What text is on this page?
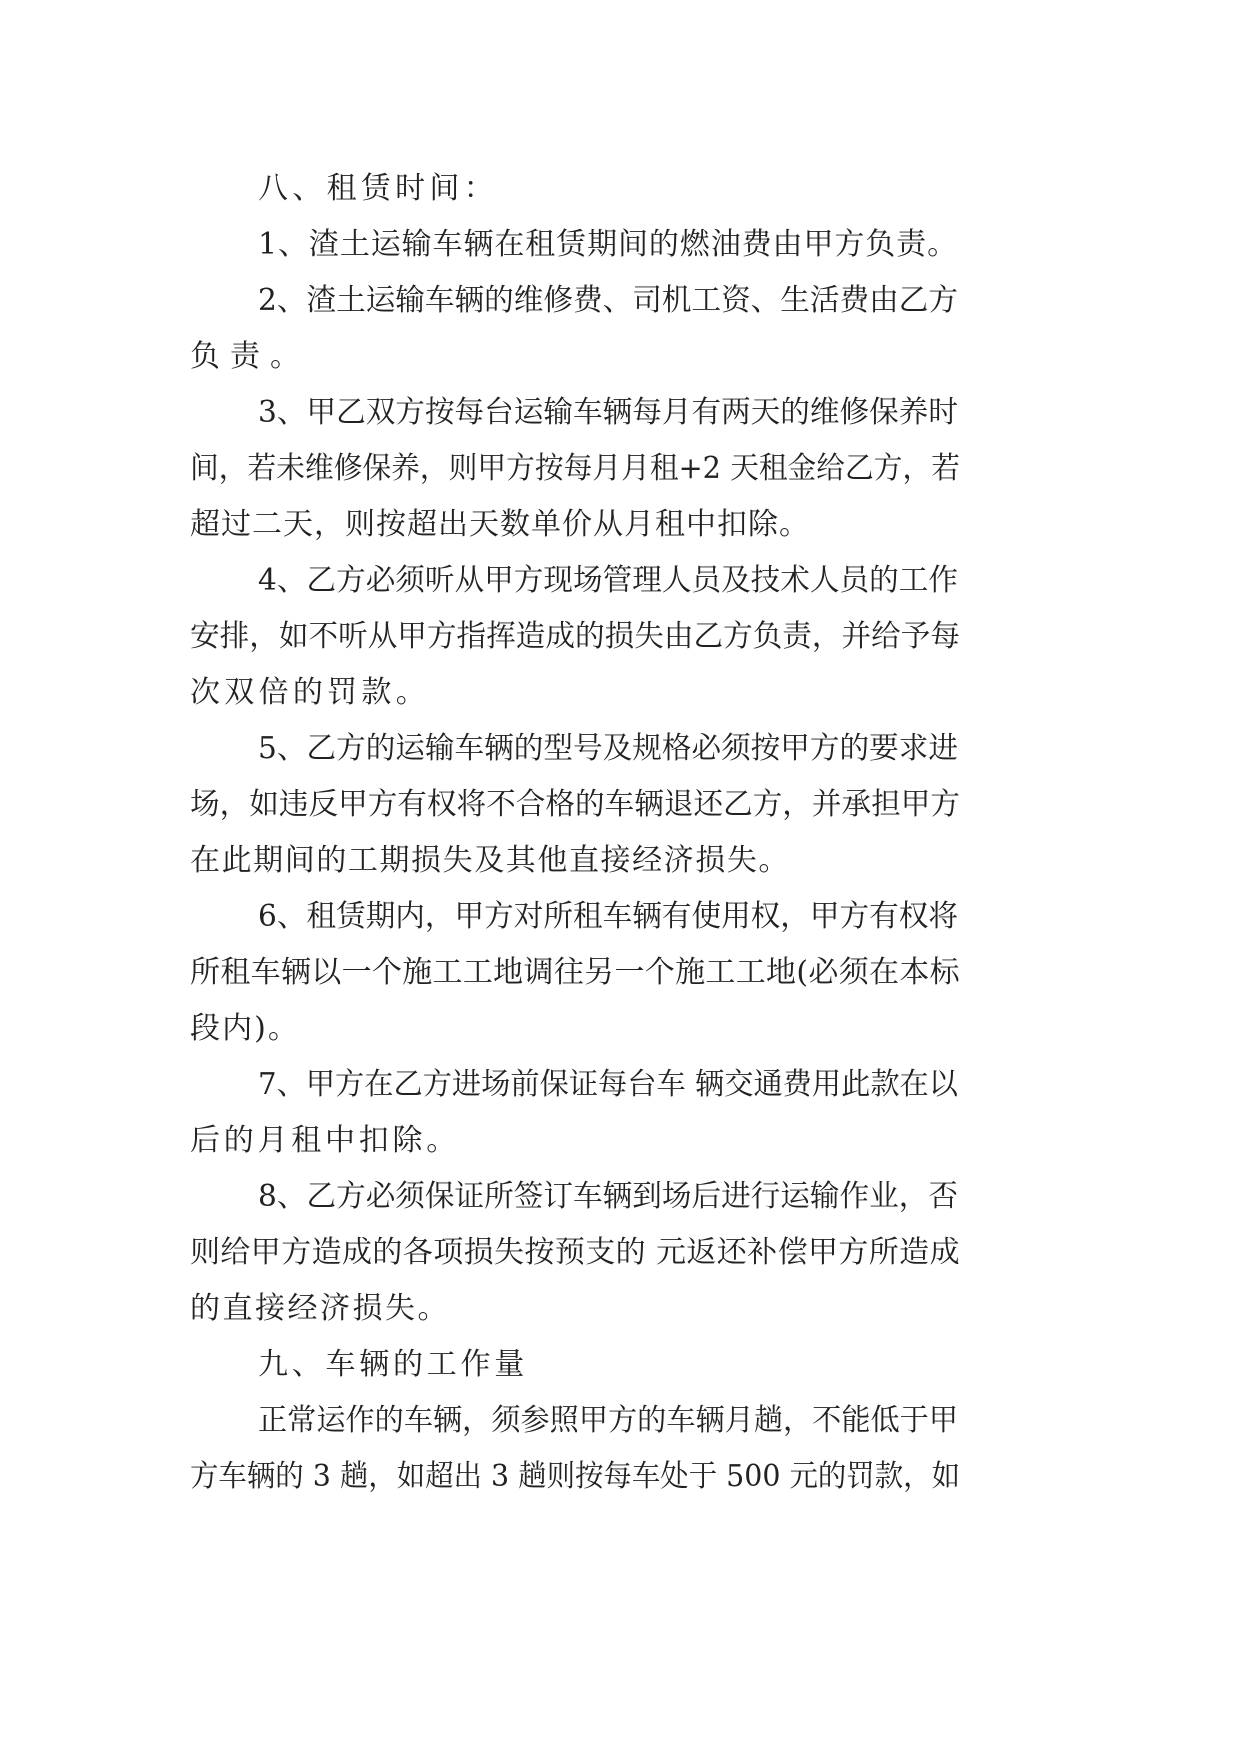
八、租赁时间：
1、渣土运输车辆在租赁期间的燃油费由甲方负责。
2、渣土运输车辆的维修费、司机工资、生活费由乙方
负责。
3、甲乙双方按每台运输车辆每月有两天的维修保养时
间，若未维修保养，则甲方按每月月租+2 天租金给乙方，若
超过二天，则按超出天数单价从月租中扣除。
4、乙方必须听从甲方现场管理人员及技术人员的工作
安排，如不听从甲方指挥造成的损失由乙方负责，并给予每
次双倍的罚款。
5、乙方的运输车辆的型号及规格必须按甲方的要求进
场，如违反甲方有权将不合格的车辆退还乙方，并承担甲方
在此期间的工期损失及其他直接经济损失。
6、租赁期内，甲方对所租车辆有使用权，甲方有权将
所租车辆以一个施工工地调往另一个施工工地(必须在本标
段内)。
7、甲方在乙方进场前保证每台车 辆交通费用此款在以
后的月租中扣除。
8、乙方必须保证所签订车辆到场后进行运输作业，否
则给甲方造成的各项损失按预支的 元返还补偿甲方所造成
的直接经济损失。
九、车辆的工作量
正常运作的车辆，须参照甲方的车辆月趟，不能低于甲
方车辆的 3 趟，如超出 3 趟则按每车处于 500 元的罚款，如
